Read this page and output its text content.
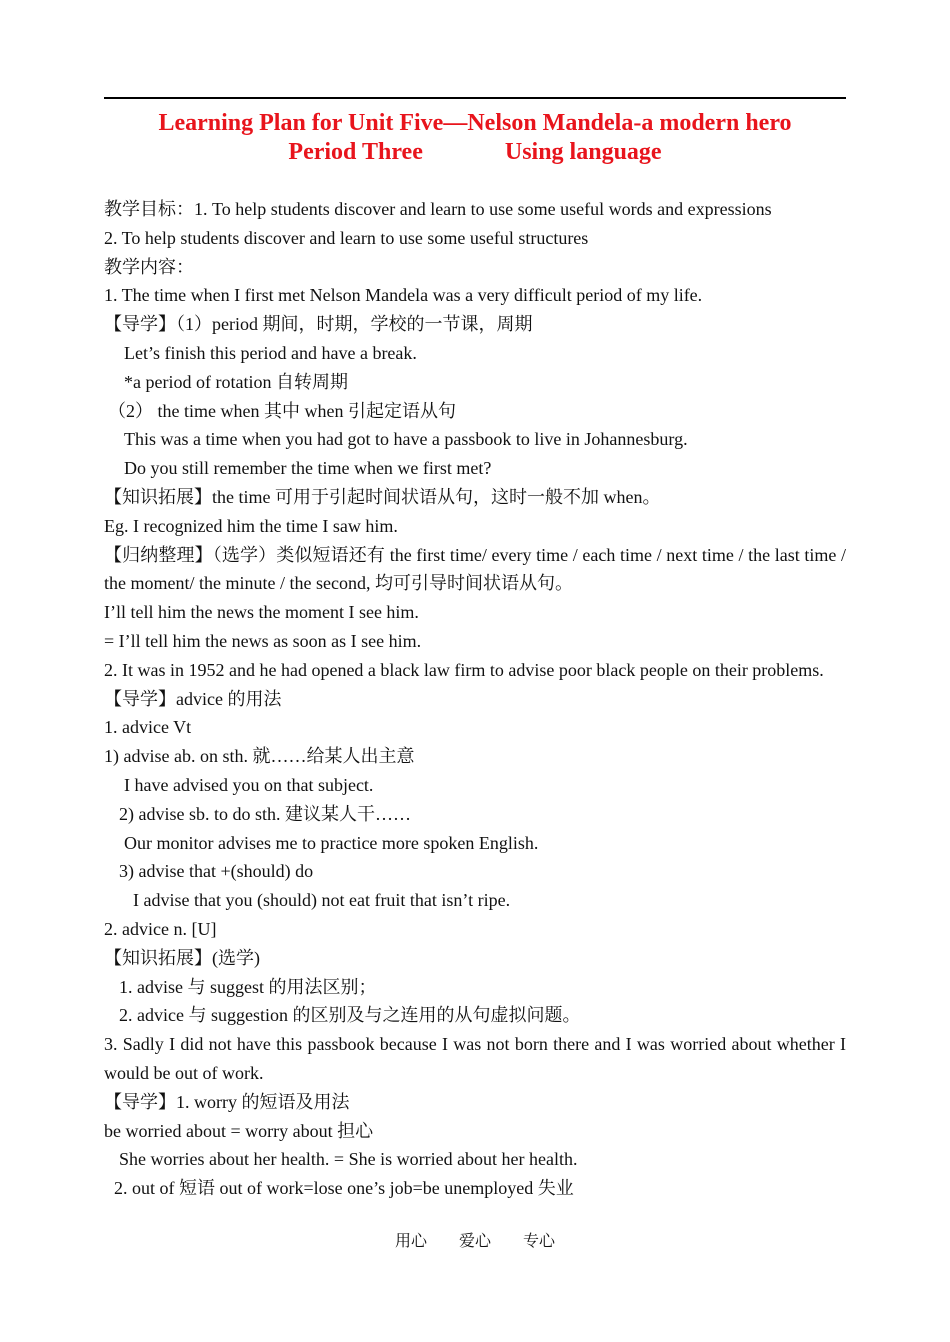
Learning Plan for Unit Five—Nelson Mandela-a modern hero
Period Three	Using language
教学目标：1. To help students discover and learn to use some useful words and expressions
2. To help students discover and learn to use some useful structures
教学内容：
1. The time when I first met Nelson Mandela was a very difficult period of my life.
【导学】（1）period 期间，时期，学校的一节课，周期
Let’s finish this period and have a break.
*a period of rotation 自转周期
（2） the time when 其中 when 引起定语从句
This was a time when you had got to have a passbook to live in Johannesburg.
Do you still remember the time when we first met?
【知识拓展】the time 可用于引起时间状语从句，这时一般不加 when。
Eg. I recognized him the time I saw him.
【归纳整理】（选学）类似短语还有 the first time/ every time / each time / next time / the last time / the moment/ the minute / the second, 均可引导时间状语从句。
I’ll tell him the news the moment I see him.
= I’ll tell him the news as soon as I see him.
2. It was in 1952 and he had opened a black law firm to advise poor black people on their problems.
【导学】advice 的用法
1. advice Vt
1) advise ab. on sth. 就……给某人出主意
I have advised you on that subject.
2) advise sb. to do sth. 建议某人干……
Our monitor advises me to practice more spoken English.
3) advise that +(should) do
I advise that you (should) not eat fruit that isn’t ripe.
2. advice n. [U]
【知识拓展】(选学)
1. advise 与 suggest 的用法区别；
2. advice 与 suggestion 的区别及与之连用的从句虚拟问题。
3. Sadly I did not have this passbook because I was not born there and I was worried about whether I would be out of work.
【导学】1. worry 的短语及用法
be worried about = worry about 担心
She worries about her health. = She is worried about her health.
2. out of 短语 out of work=lose one’s job=be unemployed 失业
用心 爱心 专心
